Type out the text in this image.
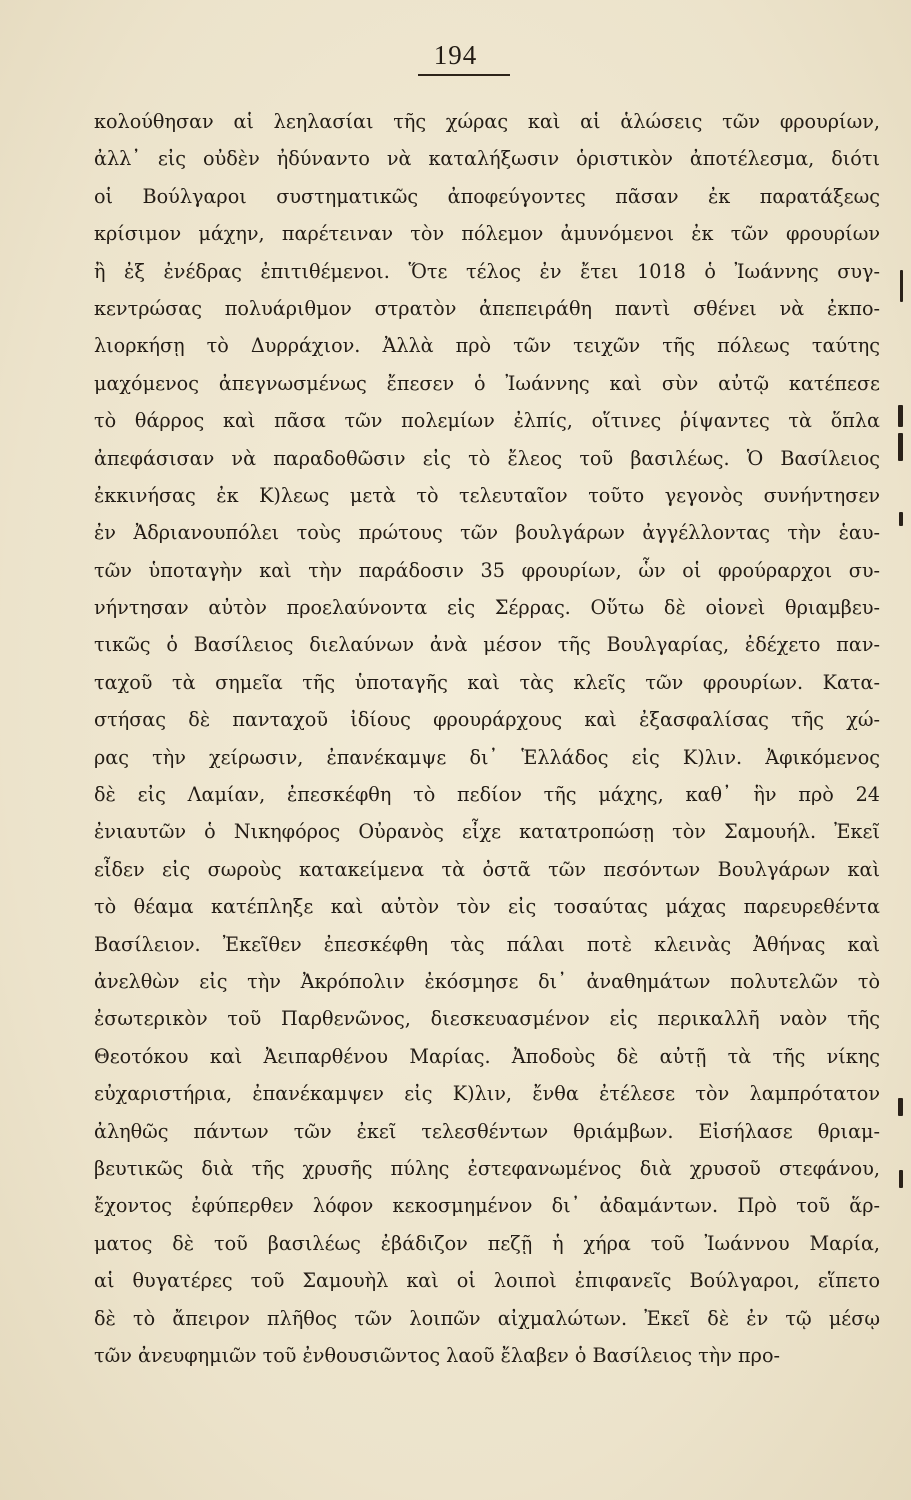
194
κολούθησαν αἱ λεηλασίαι τῆς χώρας καὶ αἱ ἁλώσεις τῶν φρουρίων,
ἀλλ᾽ εἰς οὐδὲν ἠδύναντο νὰ καταλήξωσιν ὁριστικὸν ἀποτέλεσμα, διότι
οἱ Βούλγαροι συστηματικῶς ἀποφεύγοντες πᾶσαν ἐκ παρατάξεως
κρίσιμον μάχην, παρέτειναν τὸν πόλεμον ἀμυνόμενοι ἐκ τῶν φρουρίων
ἢ ἐξ ἐνέδρας ἐπιτιθέμενοι. Ὅτε τέλος ἐν ἔτει 1018 ὁ Ἰωάννης συγ-
κεντρώσας πολυάριθμον στρατὸν ἀπεπειράθη παντὶ σθένει νὰ ἐκπο-
λιορκήσῃ τὸ Δυρράχιον. Ἀλλὰ πρὸ τῶν τειχῶν τῆς πόλεως ταύτης
μαχόμενος ἀπεγνωσμένως ἔπεσεν ὁ Ἰωάννης καὶ σὺν αὐτῷ κατέπεσε
τὸ θάρρος καὶ πᾶσα τῶν πολεμίων ἐλπίς, οἵτινες ῥίψαντες τὰ ὅπλα
ἀπεφάσισαν νὰ παραδοθῶσιν εἰς τὸ ἔλεος τοῦ βασιλέως. Ὁ Βασίλειος
ἐκκινήσας ἐκ Κ)λεως μετὰ τὸ τελευταῖον τοῦτο γεγονὸς συνήντησεν
ἐν Ἀδριανουπόλει τοὺς πρώτους τῶν βουλγάρων ἀγγέλλοντας τὴν ἑαυ-
τῶν ὑποταγὴν καὶ τὴν παράδοσιν 35 φρουρίων, ὧν οἱ φρούραρχοι συ-
νήντησαν αὐτὸν προελαύνοντα εἰς Σέρρας. Οὕτω δὲ οἱονεὶ θριαμβευ-
τικῶς ὁ Βασίλειος διελαύνων ἀνὰ μέσον τῆς Βουλγαρίας, ἐδέχετο παν-
ταχοῦ τὰ σημεῖα τῆς ὑποταγῆς καὶ τὰς κλεῖς τῶν φρουρίων. Κατα-
στήσας δὲ πανταχοῦ ἰδίους φρουράρχους καὶ ἐξασφαλίσας τῆς χώ-
ρας τὴν χείρωσιν, ἐπανέκαμψε δι᾽ Ἑλλάδος εἰς Κ)λιν. Ἀφικόμενος
δὲ εἰς Λαμίαν, ἐπεσκέφθη τὸ πεδίον τῆς μάχης, καθ᾽ ἣν πρὸ 24
ἐνιαυτῶν ὁ Νικηφόρος Οὐρανὸς εἶχε κατατροπώσῃ τὸν Σαμουήλ. Ἐκεῖ
εἶδεν εἰς σωροὺς κατακείμενα τὰ ὀστᾶ τῶν πεσόντων Βουλγάρων καὶ
τὸ θέαμα κατέπληξε καὶ αὐτὸν τὸν εἰς τοσαύτας μάχας παρευρεθέντα
Βασίλειον. Ἐκεῖθεν ἐπεσκέφθη τὰς πάλαι ποτὲ κλεινὰς Ἀθήνας καὶ
ἀνελθὼν εἰς τὴν Ἀκρόπολιν ἐκόσμησε δι᾽ ἀναθημάτων πολυτελῶν τὸ
ἐσωτερικὸν τοῦ Παρθενῶνος, διεσκευασμένον εἰς περικαλλῆ ναὸν τῆς
Θεοτόκου καὶ Ἀειπαρθένου Μαρίας. Ἀποδοὺς δὲ αὐτῇ τὰ τῆς νίκης
εὐχαριστήρια, ἐπανέκαμψεν εἰς Κ)λιν, ἔνθα ἐτέλεσε τὸν λαμπρότατον
ἀληθῶς πάντων τῶν ἐκεῖ τελεσθέντων θριάμβων. Εἰσήλασε θριαμ-
βευτικῶς διὰ τῆς χρυσῆς πύλης ἐστεφανωμένος διὰ χρυσοῦ στεφάνου,
ἔχοντος ἐφύπερθεν λόφον κεκοσμημένον δι᾽ ἀδαμάντων. Πρὸ τοῦ ἅρ-
ματος δὲ τοῦ βασιλέως ἐβάδιζον πεζῇ ἡ χήρα τοῦ Ἰωάννου Μαρία,
αἱ θυγατέρες τοῦ Σαμουὴλ καὶ οἱ λοιποὶ ἐπιφανεῖς Βούλγαροι, εἵπετο
δὲ τὸ ἄπειρον πλῆθος τῶν λοιπῶν αἰχμαλώτων. Ἐκεῖ δὲ ἐν τῷ μέσῳ
τῶν ἀνευφημιῶν τοῦ ἐνθουσιῶντος λαοῦ ἔλαβεν ὁ Βασίλειος τὴν προ-
